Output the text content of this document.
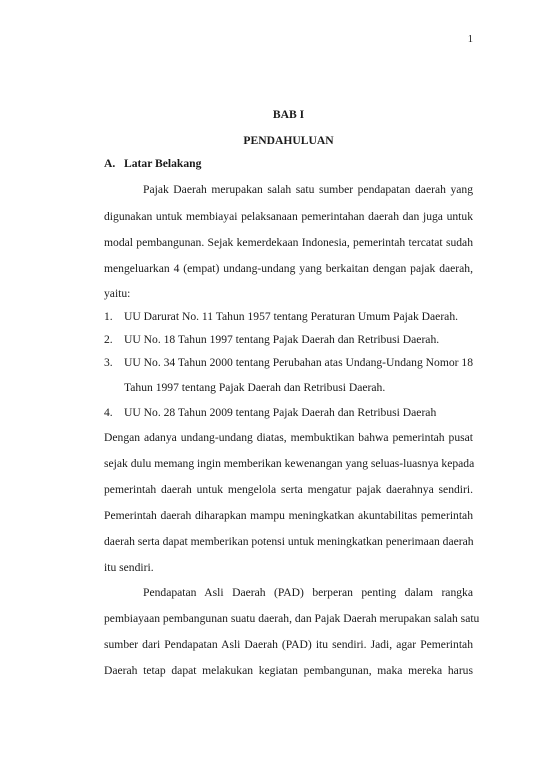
1
BAB I
PENDAHULUAN
A. Latar Belakang
Pajak Daerah merupakan salah satu sumber pendapatan daerah yang
digunakan untuk membiayai pelaksanaan pemerintahan daerah dan juga untuk
modal pembangunan. Sejak kemerdekaan Indonesia, pemerintah tercatat sudah
mengeluarkan 4 (empat) undang-undang yang berkaitan dengan pajak daerah,
yaitu:
1. UU Darurat No. 11 Tahun 1957 tentang Peraturan Umum Pajak Daerah.
2. UU No. 18 Tahun 1997 tentang Pajak Daerah dan Retribusi Daerah.
3. UU No. 34 Tahun 2000 tentang Perubahan atas Undang-Undang Nomor 18
Tahun 1997 tentang Pajak Daerah dan Retribusi Daerah.
4. UU No. 28 Tahun 2009 tentang Pajak Daerah dan Retribusi Daerah
Dengan adanya undang-undang diatas, membuktikan bahwa pemerintah pusat
sejak dulu memang ingin memberikan kewenangan yang seluas-luasnya kepada
pemerintah daerah untuk mengelola serta mengatur pajak daerahnya sendiri.
Pemerintah daerah diharapkan mampu meningkatkan akuntabilitas pemerintah
daerah serta dapat memberikan potensi untuk meningkatkan penerimaan daerah
itu sendiri.
Pendapatan Asli Daerah (PAD) berperan penting dalam rangka
pembiayaan pembangunan suatu daerah, dan Pajak Daerah merupakan salah satu
sumber dari Pendapatan Asli Daerah (PAD) itu sendiri. Jadi, agar Pemerintah
Daerah tetap dapat melakukan kegiatan pembangunan, maka mereka harus
